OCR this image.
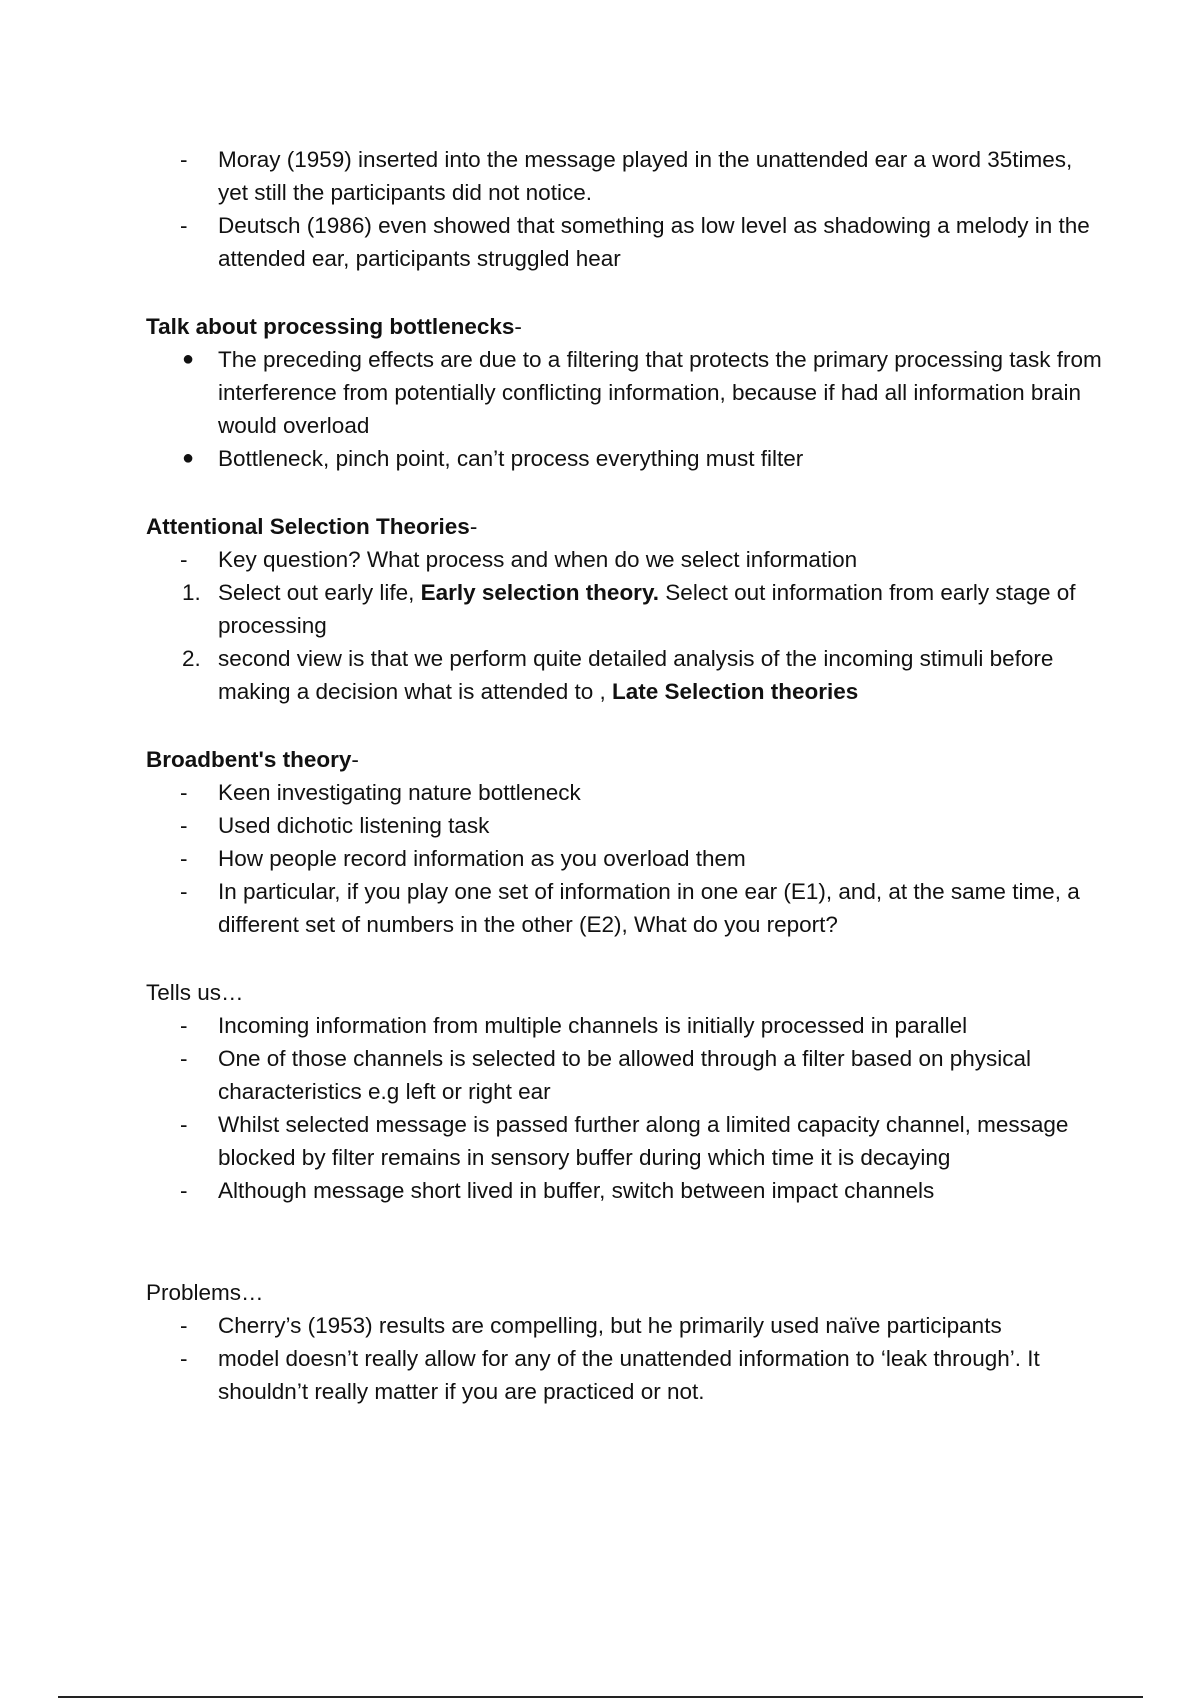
-	Moray (1959) inserted into the message played in the unattended ear a word 35times, yet still the participants did not notice.
-	Deutsch (1986) even showed that something as low level as shadowing a melody in the attended ear, participants struggled hear

Talk about processing bottlenecks-

●	The preceding effects are due to a filtering that protects the primary processing task from interference from potentially conflicting information, because if had all information brain would overload
●	Bottleneck, pinch point, can’t process everything must filter

Attentional Selection Theories-

-	Key question? What process and when do we select information
1. Select out early life, Early selection theory. Select out information from early stage of processing
2. second view is that we perform quite detailed analysis of the incoming stimuli before making a decision what is attended to , Late Selection theories

Broadbent's theory-

-	Keen investigating nature bottleneck
-	Used dichotic listening task
-	How people record information as you overload them
-	In particular, if you play one set of information in one ear (E1), and, at the same time, a different set of numbers in the other (E2), What do you report?

Tells us…

-	Incoming information from multiple channels is initially processed in parallel
-	One of those channels is selected to be allowed through a filter based on physical characteristics e.g left or right ear
-	Whilst selected message is passed further along a limited capacity channel, message blocked by filter remains in sensory buffer during which time it is decaying
-	Although message short lived in buffer, switch between impact channels

Problems…

-	Cherry’s (1953) results are compelling, but he primarily used naïve participants
-	model doesn’t really allow for any of the unattended information to ‘leak through’. It shouldn’t really matter if you are practiced or not.
